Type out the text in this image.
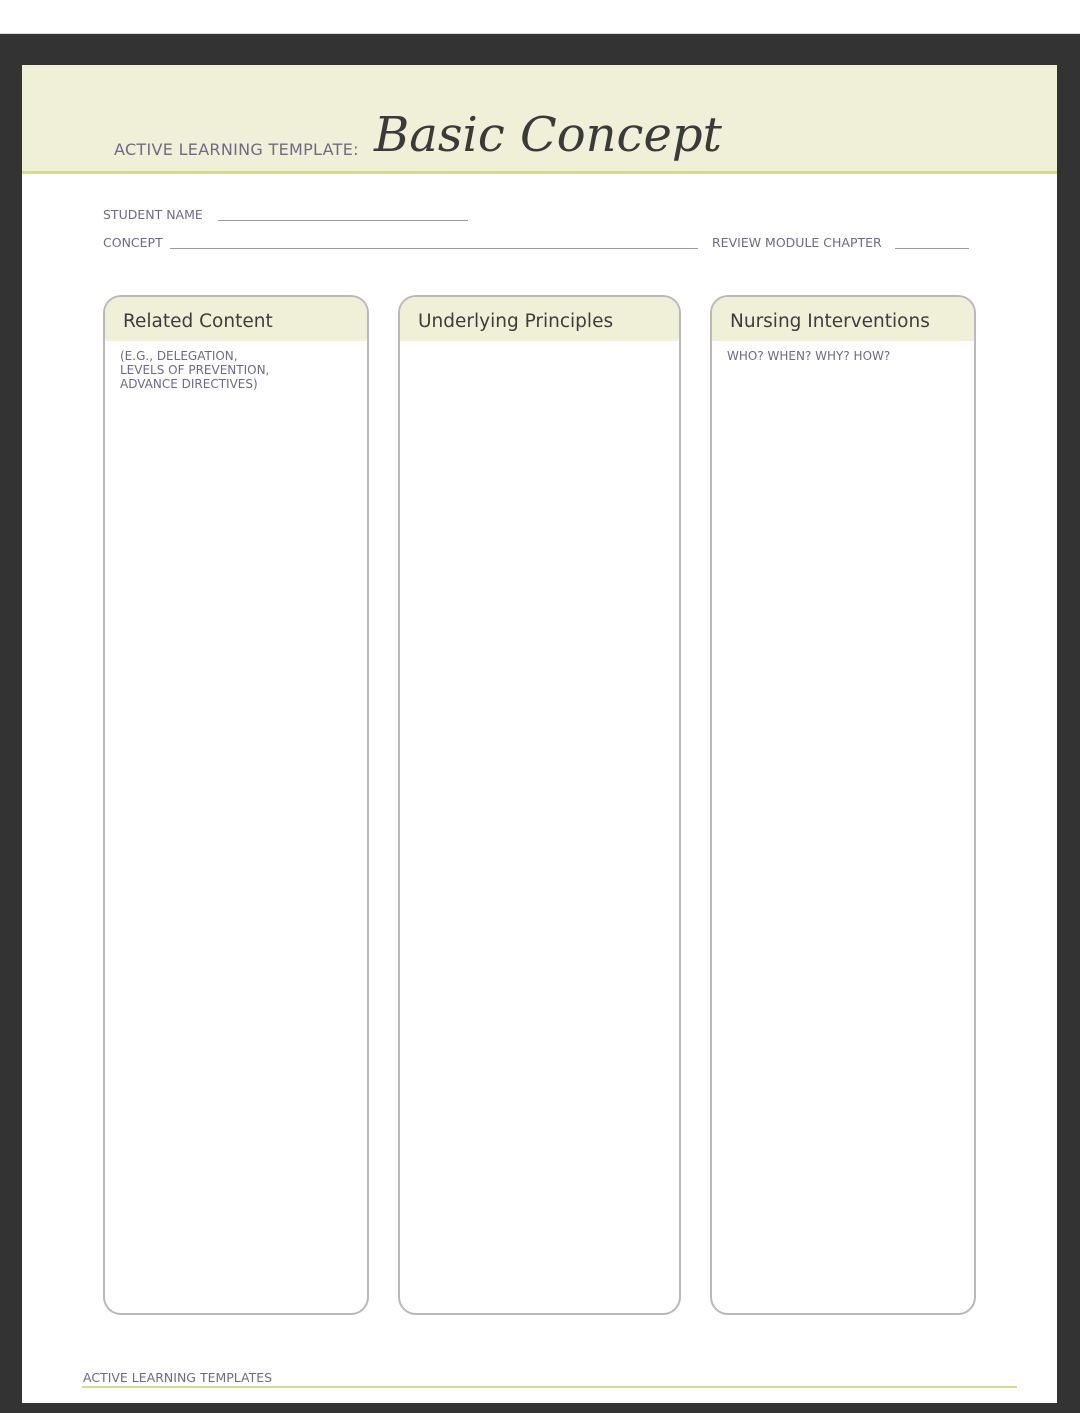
ACTIVE LEARNING TEMPLATE: Basic Concept
STUDENT NAME
CONCEPT	REVIEW MODULE CHAPTER
Related Content
(E.G., DELEGATION,
LEVELS OF PREVENTION,
ADVANCE DIRECTIVES)
Underlying Principles	Nursing Interventions
WHO? WHEN? WHY? HOW?
ACTIVE LEARNING TEMPLATES
